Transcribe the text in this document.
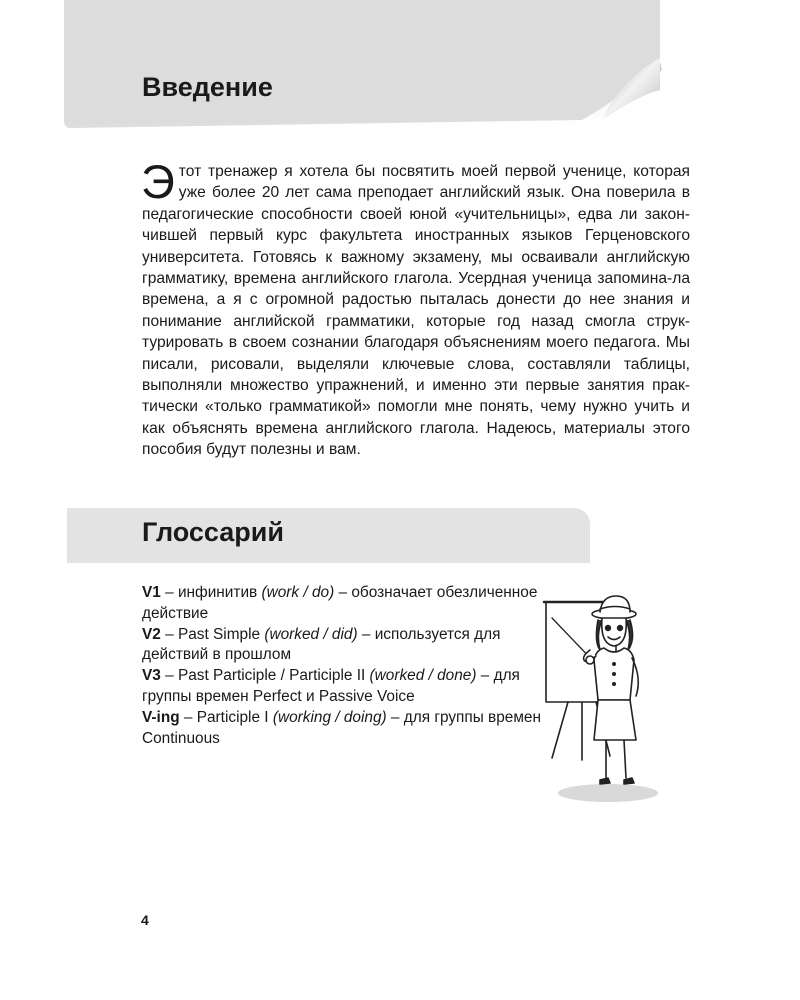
Введение

Этот тренажер я хотела бы посвятить моей первой ученице, которая уже более 20 лет сама преподает английский язык. Она поверила в педагогические способности своей юной «учительницы», едва ли закон-чившей первый курс факультета иностранных языков Герценовского университета. Готовясь к важному экзамену, мы осваивали английскую грамматику, времена английского глагола. Усердная ученица запомина-ла времена, а я с огромной радостью пыталась донести до нее знания и понимание английской грамматики, которые год назад смогла струк-турировать в своем сознании благодаря объяснениям моего педагога. Мы писали, рисовали, выделяли ключевые слова, составляли таблицы, выполняли множество упражнений, и именно эти первые занятия прак-тически «только грамматикой» помогли мне понять, чему нужно учить и как объяснять времена английского глагола. Надеюсь, материалы этого пособия будут полезны и вам.

Глоссарий
V1 – инфинитив (work / do) – обозначает обезличенное действие
V2 – Past Simple (worked / did) – используется для действий в прошлом
V3 – Past Participle / Participle II (worked / done) – для группы времен Perfect и Passive Voice
V-ing – Participle I (working / doing) – для группы времен Continuous

4
